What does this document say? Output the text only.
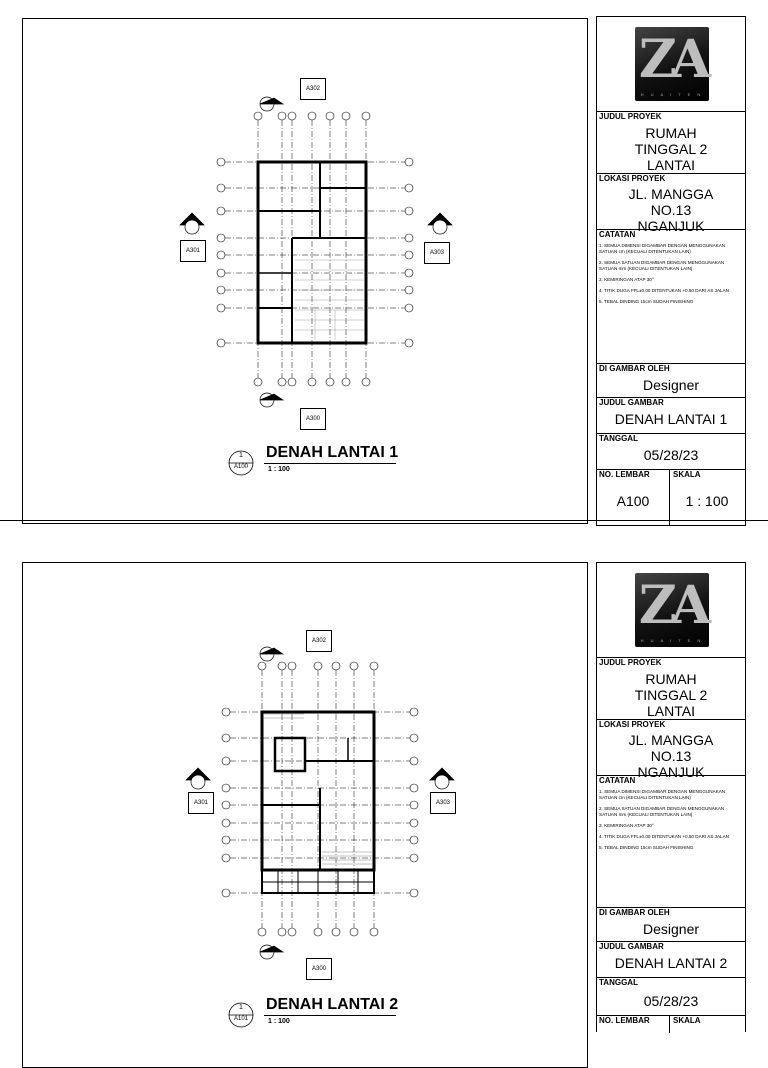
A302
A300
A301	A303
1
A100
DENAH LANTAI 1
1 : 100
ZA
H U A I T E N
JUDUL PROYEK
RUMAH TINGGAL 2 LANTAI
LOKASI PROYEK
JL. MANGGA NO.13 NGANJUK
CATATAN
1. SEMUA DIMENSI DIGAMBAR DENGAN MENGGUNAKAN SATUAN cm (KECUALI DITENTUKAN LAIN)
2. SEMUA SATUAN DIGAMBAR DENGAN MENGGUNAKAN SATUAN mm (KECUALI DITENTUKAN LAIN)
3. KEMIRINGAN ATAP 30°
4. TITIK DUGA FFL±0.00 DITENTUKAN +0.50 DARI AS JALAN
5. TEBAL DINDING 15cm SUDAH FINISHING
DI GAMBAR OLEH
Designer
JUDUL GAMBAR
DENAH LANTAI 1
TANGGAL
05/28/23
NO. LEMBAR	SKALA
A100	1 : 100
A302
A300
A301	A303
1
A101
DENAH LANTAI 2
1 : 100
ZA
H U A I T E N
JUDUL PROYEK
RUMAH TINGGAL 2 LANTAI
LOKASI PROYEK
JL. MANGGA NO.13 NGANJUK
CATATAN
1. SEMUA DIMENSI DIGAMBAR DENGAN MENGGUNAKAN SATUAN cm (KECUALI DITENTUKAN LAIN)
2. SEMUA SATUAN DIGAMBAR DENGAN MENGGUNAKAN SATUAN mm (KECUALI DITENTUKAN LAIN)
3. KEMIRINGAN ATAP 30°
4. TITIK DUGA FFL±0.00 DITENTUKAN +0.50 DARI AS JALAN
5. TEBAL DINDING 15cm SUDAH FINISHING
DI GAMBAR OLEH
Designer
JUDUL GAMBAR
DENAH LANTAI 2
TANGGAL
05/28/23
NO. LEMBAR	SKALA
